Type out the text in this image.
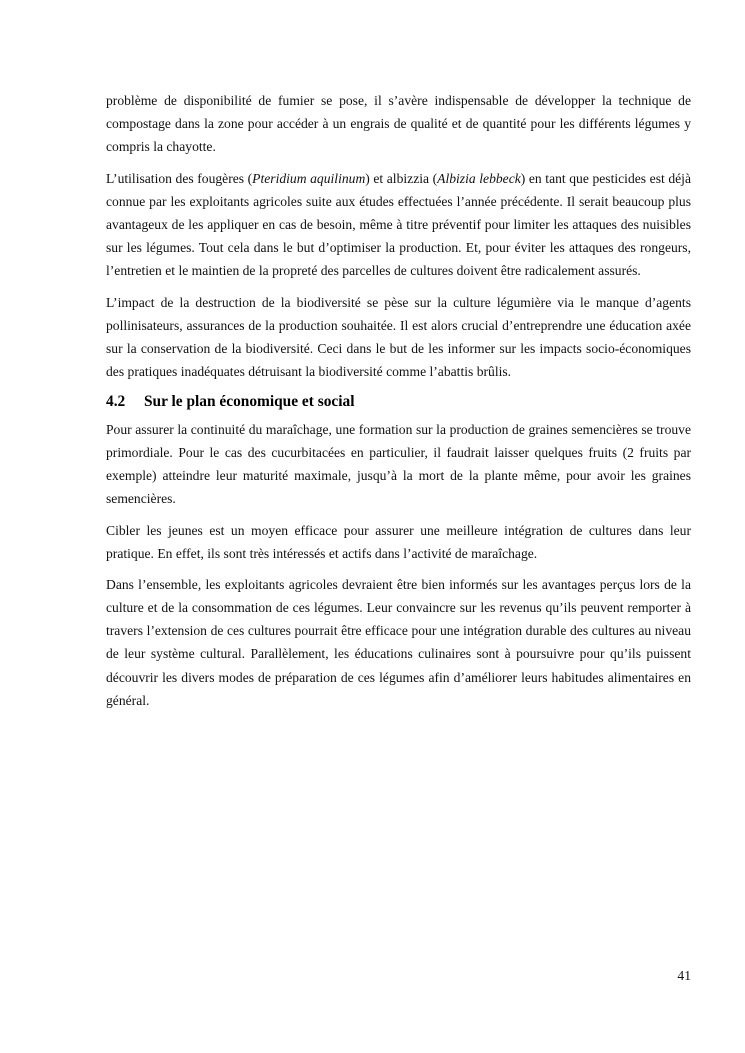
problème de disponibilité de fumier se pose, il s’avère indispensable de développer la technique de compostage dans la zone pour accéder à un engrais de qualité et de quantité pour les différents légumes y compris la chayotte.

L’utilisation des fougères (Pteridium aquilinum) et albizzia (Albizia lebbeck) en tant que pesticides est déjà connue par les exploitants agricoles suite aux études effectuées l’année précédente. Il serait beaucoup plus avantageux de les appliquer en cas de besoin, même à titre préventif pour limiter les attaques des nuisibles sur les légumes. Tout cela dans le but d’optimiser la production. Et, pour éviter les attaques des rongeurs, l’entretien et le maintien de la propreté des parcelles de cultures doivent être radicalement assurés.

L’impact de la destruction de la biodiversité se pèse sur la culture légumière via le manque d’agents pollinisateurs, assurances de la production souhaitée. Il est alors crucial d’entreprendre une éducation axée sur la conservation de la biodiversité. Ceci dans le but de les informer sur les impacts socio-économiques des pratiques inadéquates détruisant la biodiversité comme l’abattis brûlis.

4.2 Sur le plan économique et social

Pour assurer la continuité du maraîchage, une formation sur la production de graines semencières se trouve primordiale. Pour le cas des cucurbitacées en particulier, il faudrait laisser quelques fruits (2 fruits par exemple) atteindre leur maturité maximale, jusqu’à la mort de la plante même, pour avoir les graines semencières.

Cibler les jeunes est un moyen efficace pour assurer une meilleure intégration de cultures dans leur pratique. En effet, ils sont très intéressés et actifs dans l’activité de maraîchage.

Dans l’ensemble, les exploitants agricoles devraient être bien informés sur les avantages perçus lors de la culture et de la consommation de ces légumes. Leur convaincre sur les revenus qu’ils peuvent remporter à travers l’extension de ces cultures pourrait être efficace pour une intégration durable des cultures au niveau de leur système cultural. Parallèlement, les éducations culinaires sont à poursuivre pour qu’ils puissent découvrir les divers modes de préparation de ces légumes afin d’améliorer leurs habitudes alimentaires en général.

41
